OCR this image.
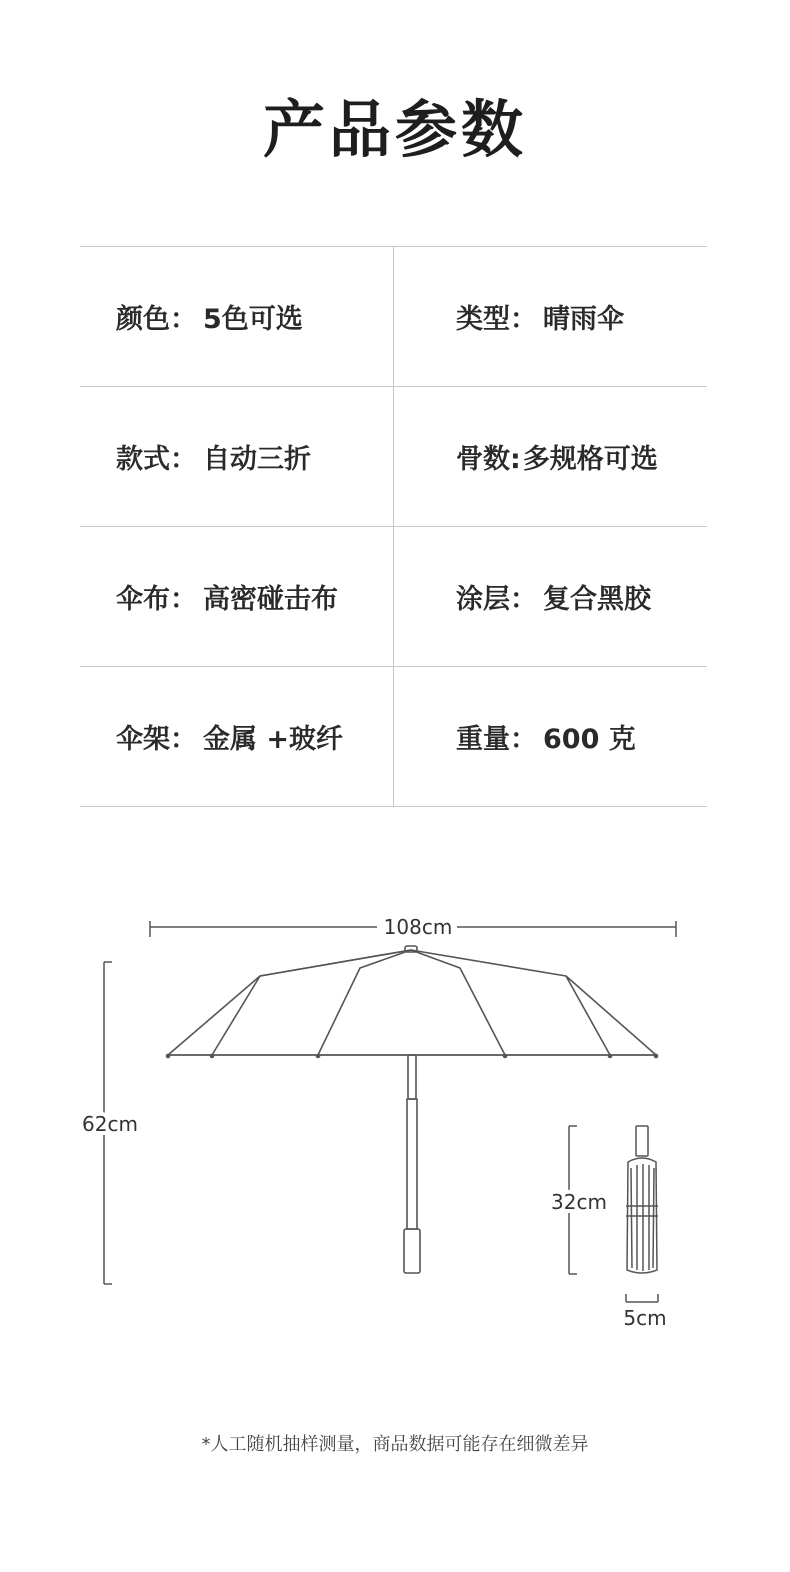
产品参数
颜色： 5色可选	类型： 晴雨伞
款式： 自动三折	骨数: 多规格可选
伞布： 高密碰击布	涂层： 复合黑胶
伞架： 金属 +玻纤	重量： 600 克
108cm
62cm
32cm
5cm
*人工随机抽样测量，商品数据可能存在细微差异
